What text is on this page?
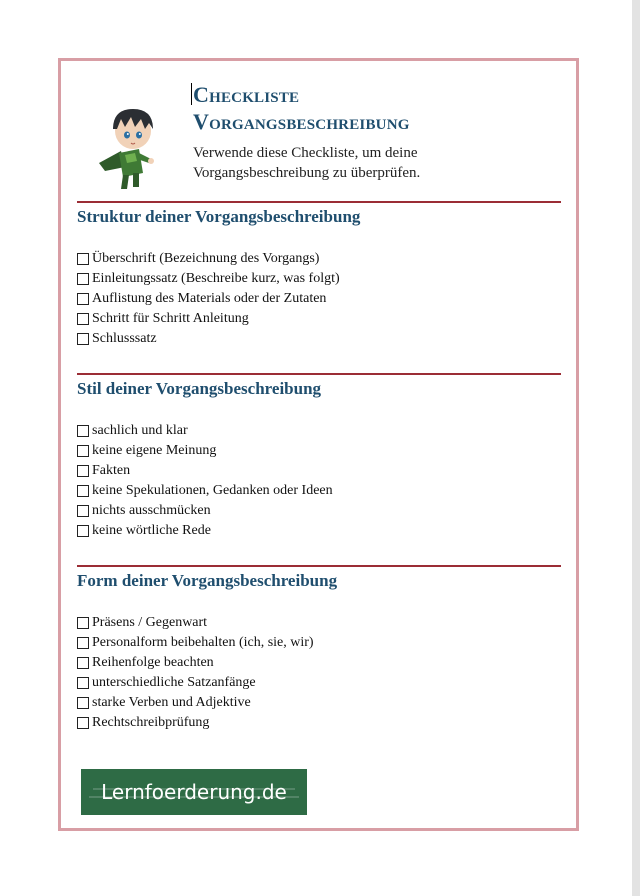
Checkliste
Vorgangsbeschreibung
Verwende diese Checkliste, um deine Vorgangsbeschreibung zu überprüfen.
Struktur deiner Vorgangsbeschreibung
Überschrift (Bezeichnung des Vorgangs)
Einleitungssatz (Beschreibe kurz, was folgt)
Auflistung des Materials oder der Zutaten
Schritt für Schritt Anleitung
Schlusssatz
Stil deiner Vorgangsbeschreibung
sachlich und klar
keine eigene Meinung
Fakten
keine Spekulationen, Gedanken oder Ideen
nichts ausschmücken
keine wörtliche Rede
Form deiner Vorgangsbeschreibung
Präsens / Gegenwart
Personalform beibehalten (ich, sie, wir)
Reihenfolge beachten
unterschiedliche Satzanfänge
starke Verben und Adjektive
Rechtschreibprüfung
Lernfoerderung.de
